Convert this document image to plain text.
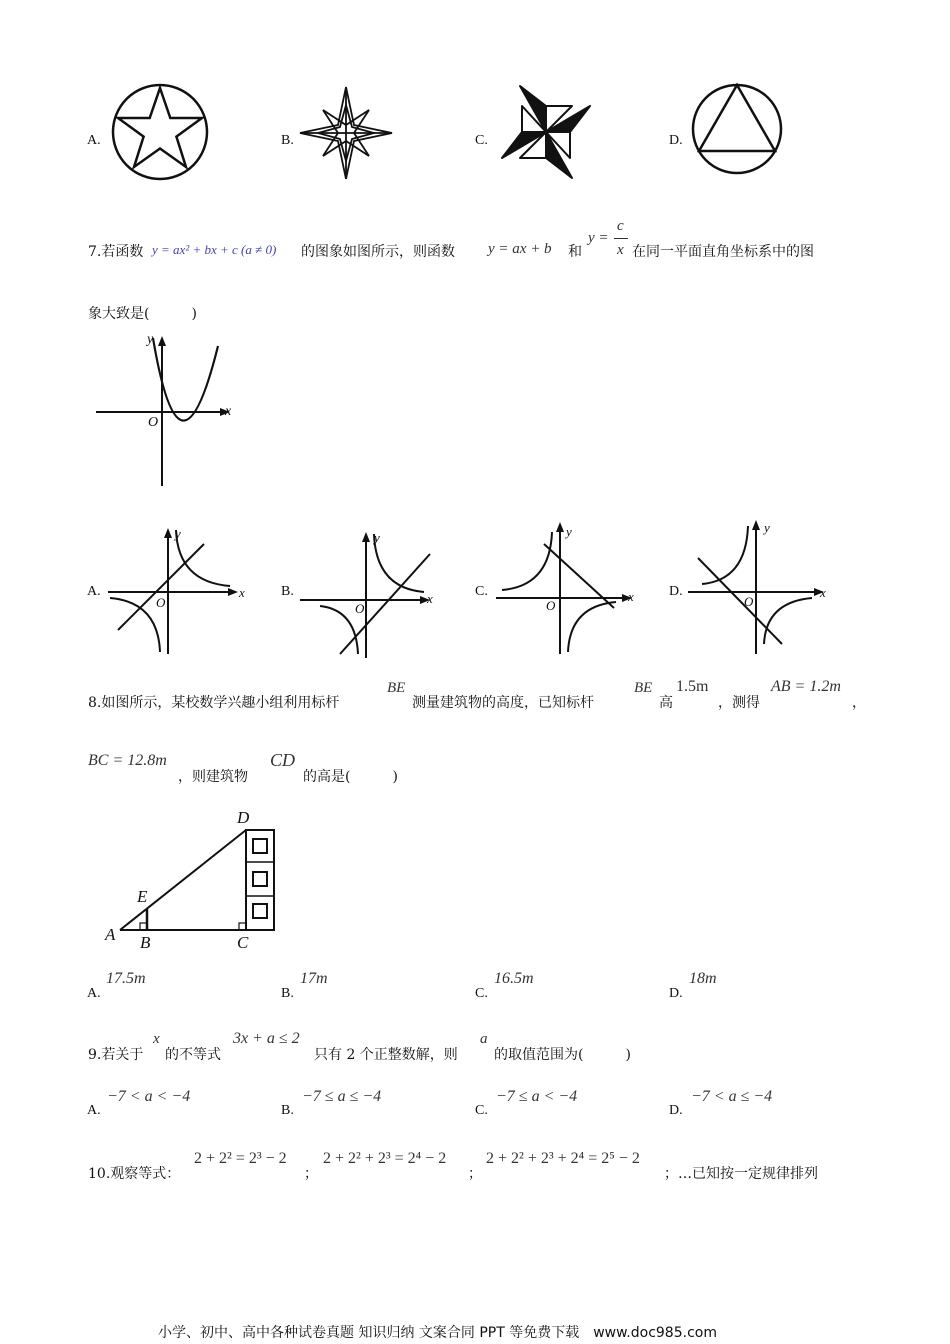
A.	B.	C.	D.
7.若函数 y = ax² + bx + c (a ≠ 0) 的图象如图所示，则函数 y = ax + b 和
y =
c
x 在同一平面直角坐标系中的图
象大致是(　　　)
y
x
O
A.
y
x
O
B.
y
x
O
C.
y
x
O
D.
y
x
O
8.如图所示，某校数学兴趣小组利用标杆
BE
测量建筑物的高度，已知标杆
BE
高
1.5m
，测得
AB = 1.2m
，
BC = 12.8m
，则建筑物
CD
的高是(　　　)
A B	C
D
E
A.
17.5m
B.
17m
C.
16.5m
D.
18m
9.若关于
x
的不等式
3x + a ≤ 2
只有 2 个正整数解，则
a
的取值范围为(　　　)
A.
−7 < a < −4
B.
−7 ≤ a ≤ −4
C.
−7 ≤ a < −4
D.
−7 < a ≤ −4
10.观察等式：
2 + 2² = 2³ − 2
；
2 + 2² + 2³ = 2⁴ − 2
；
2 + 2² + 2³ + 2⁴ = 2⁵ − 2
；…已知按一定规律排列
小学、初中、高中各种试卷真题 知识归纳 文案合同 PPT 等免费下载　www.doc985.com
